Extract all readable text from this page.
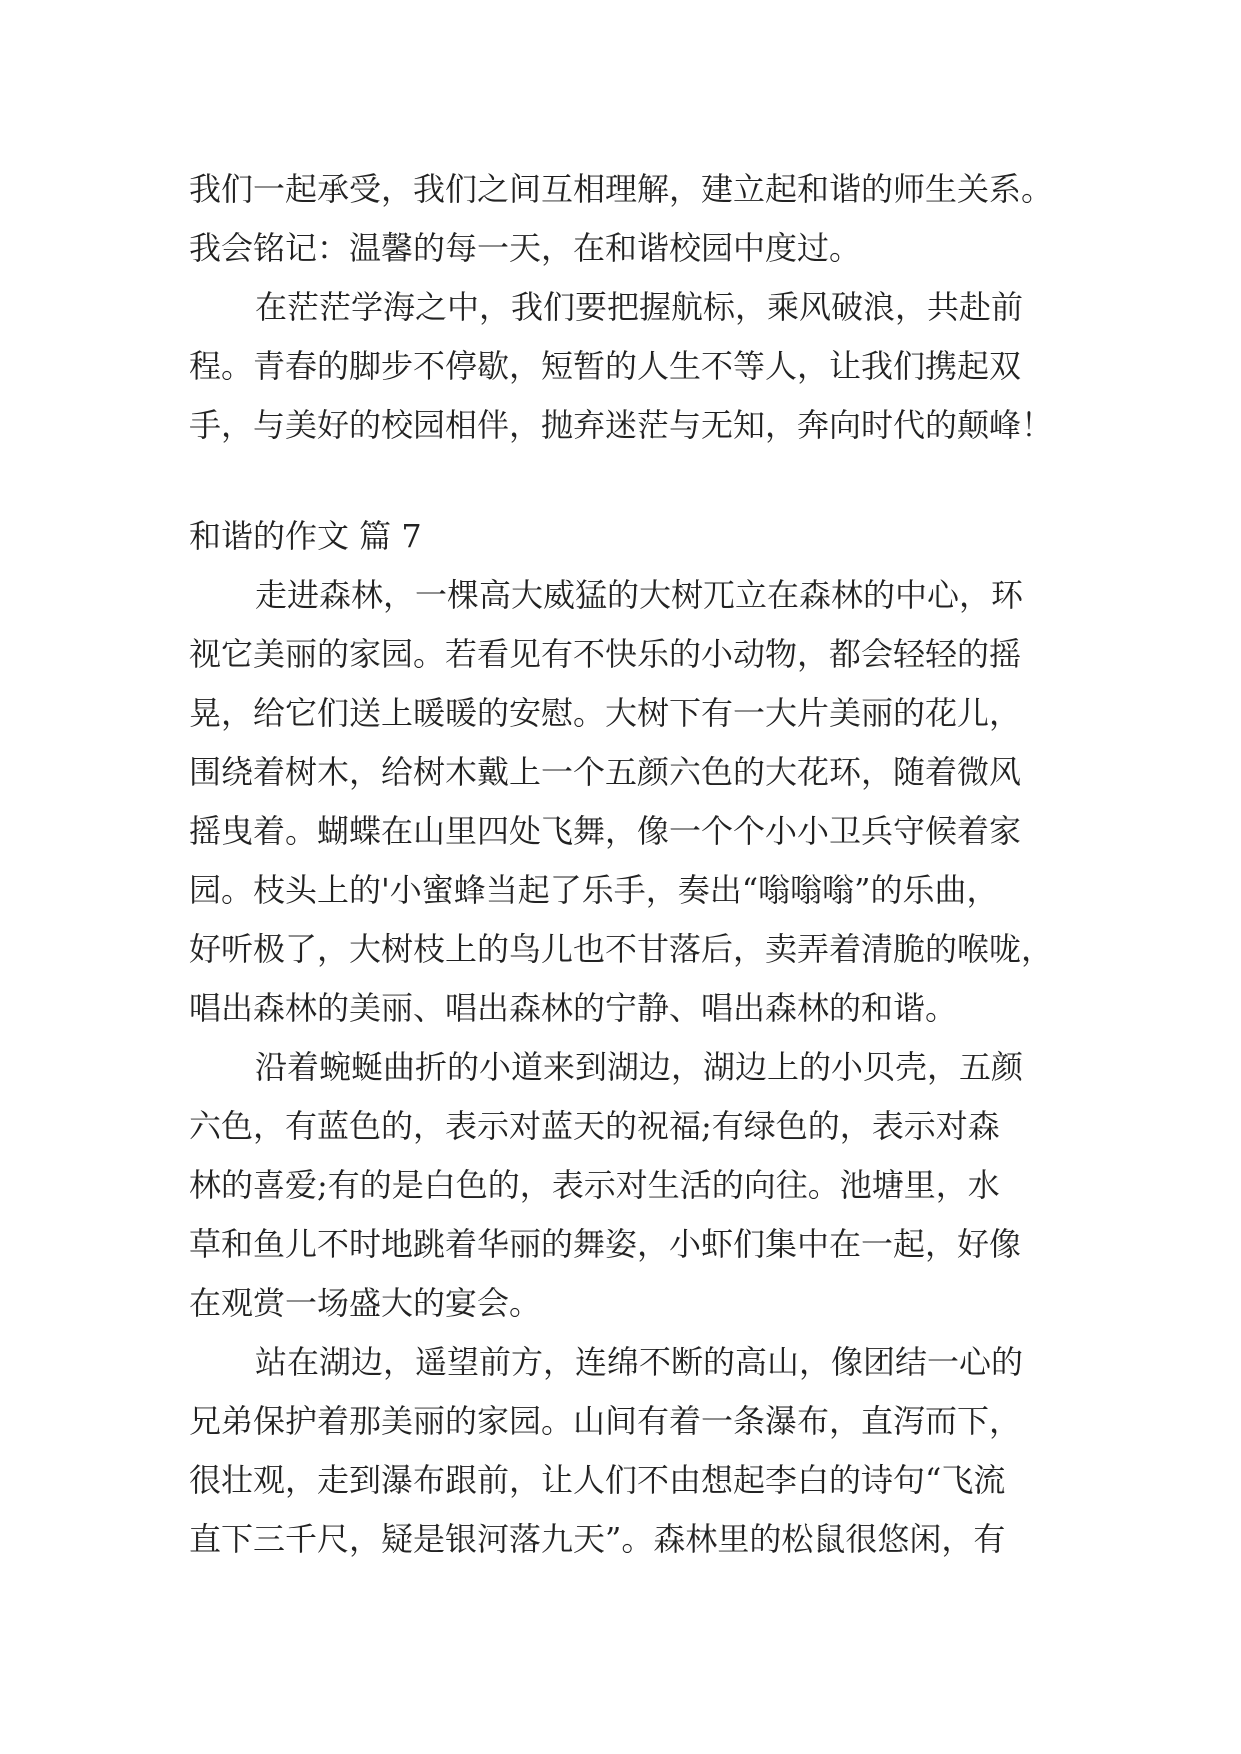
我们一起承受，我们之间互相理解，建立起和谐的师生关系。
我会铭记：温馨的每一天，在和谐校园中度过。
在茫茫学海之中，我们要把握航标，乘风破浪，共赴前
程。青春的脚步不停歇，短暂的人生不等人，让我们携起双
手，与美好的校园相伴，抛弃迷茫与无知，奔向时代的颠峰！
和谐的作文 篇 7
走进森林，一棵高大威猛的大树兀立在森林的中心，环
视它美丽的家园。若看见有不快乐的小动物，都会轻轻的摇
晃，给它们送上暖暖的安慰。大树下有一大片美丽的花儿，
围绕着树木，给树木戴上一个五颜六色的大花环，随着微风
摇曳着。蝴蝶在山里四处飞舞，像一个个小小卫兵守候着家
园。枝头上的'小蜜蜂当起了乐手，奏出“嗡嗡嗡”的乐曲，
好听极了，大树枝上的鸟儿也不甘落后，卖弄着清脆的喉咙，
唱出森林的美丽、唱出森林的宁静、唱出森林的和谐。
沿着蜿蜒曲折的小道来到湖边，湖边上的小贝壳，五颜
六色，有蓝色的，表示对蓝天的祝福;有绿色的，表示对森
林的喜爱;有的是白色的，表示对生活的向往。池塘里，水
草和鱼儿不时地跳着华丽的舞姿，小虾们集中在一起，好像
在观赏一场盛大的宴会。
站在湖边，遥望前方，连绵不断的高山，像团结一心的
兄弟保护着那美丽的家园。山间有着一条瀑布，直泻而下，
很壮观，走到瀑布跟前，让人们不由想起李白的诗句“飞流
直下三千尺，疑是银河落九天”。森林里的松鼠很悠闲，有
